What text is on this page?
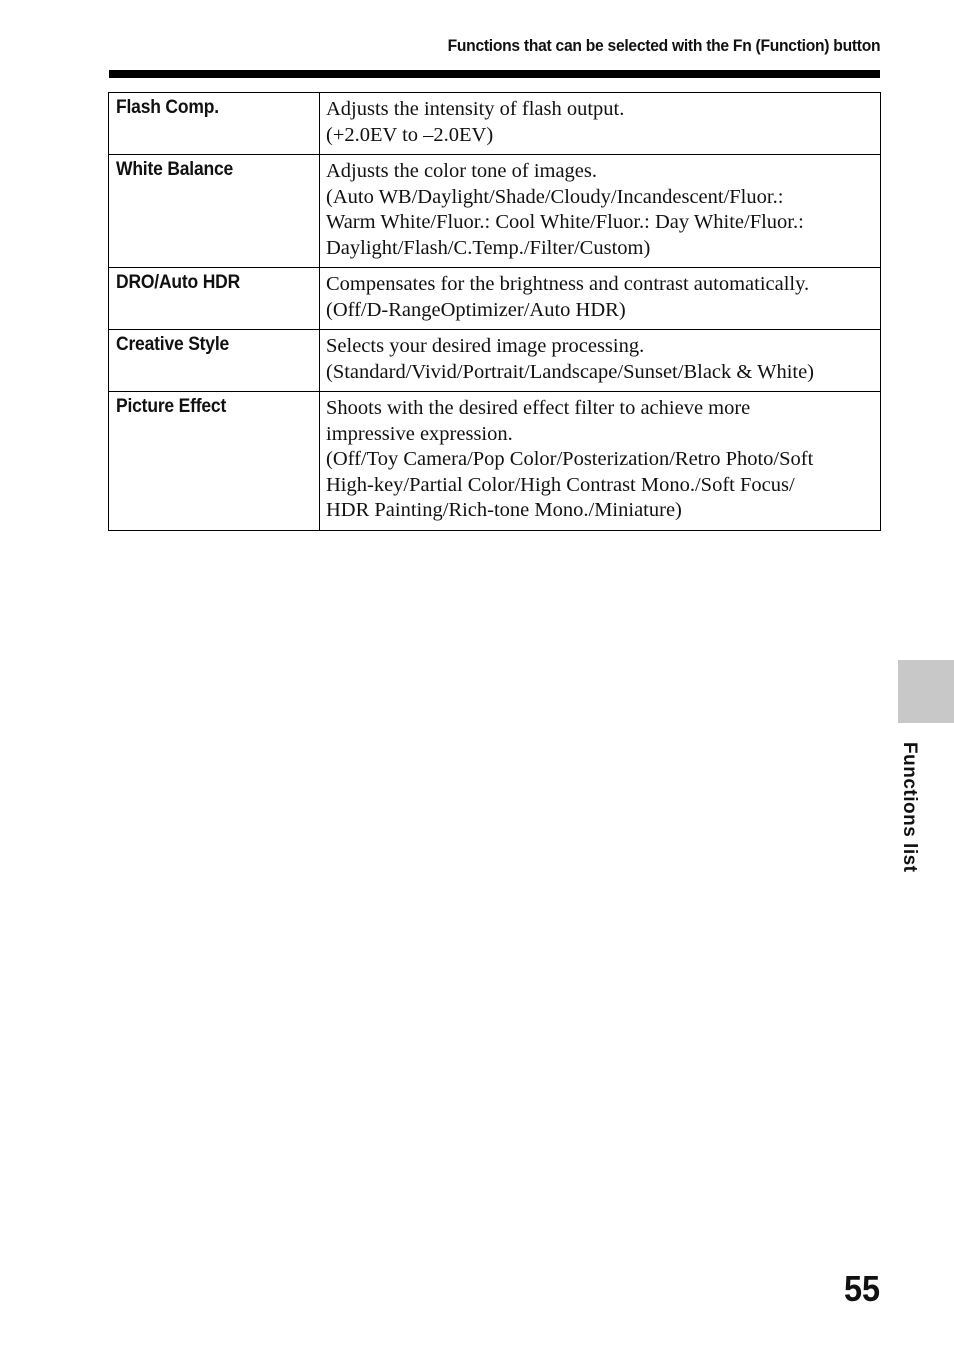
Functions that can be selected with the Fn (Function) button
Flash Comp.	Adjusts the intensity of flash output.
(+2.0EV to –2.0EV)

White Balance	Adjusts the color tone of images.
(Auto WB/Daylight/Shade/Cloudy/Incandescent/Fluor.:
Warm White/Fluor.: Cool White/Fluor.: Day White/Fluor.:
Daylight/Flash/C.Temp./Filter/Custom)

DRO/Auto HDR	Compensates for the brightness and contrast automatically.
(Off/D-RangeOptimizer/Auto HDR)

Creative Style	Selects your desired image processing.
(Standard/Vivid/Portrait/Landscape/Sunset/Black & White)

Picture Effect	Shoots with the desired effect filter to achieve more
impressive expression.
(Off/Toy Camera/Pop Color/Posterization/Retro Photo/Soft
High-key/Partial Color/High Contrast Mono./Soft Focus/
HDR Painting/Rich-tone Mono./Miniature)
Functions list
55
